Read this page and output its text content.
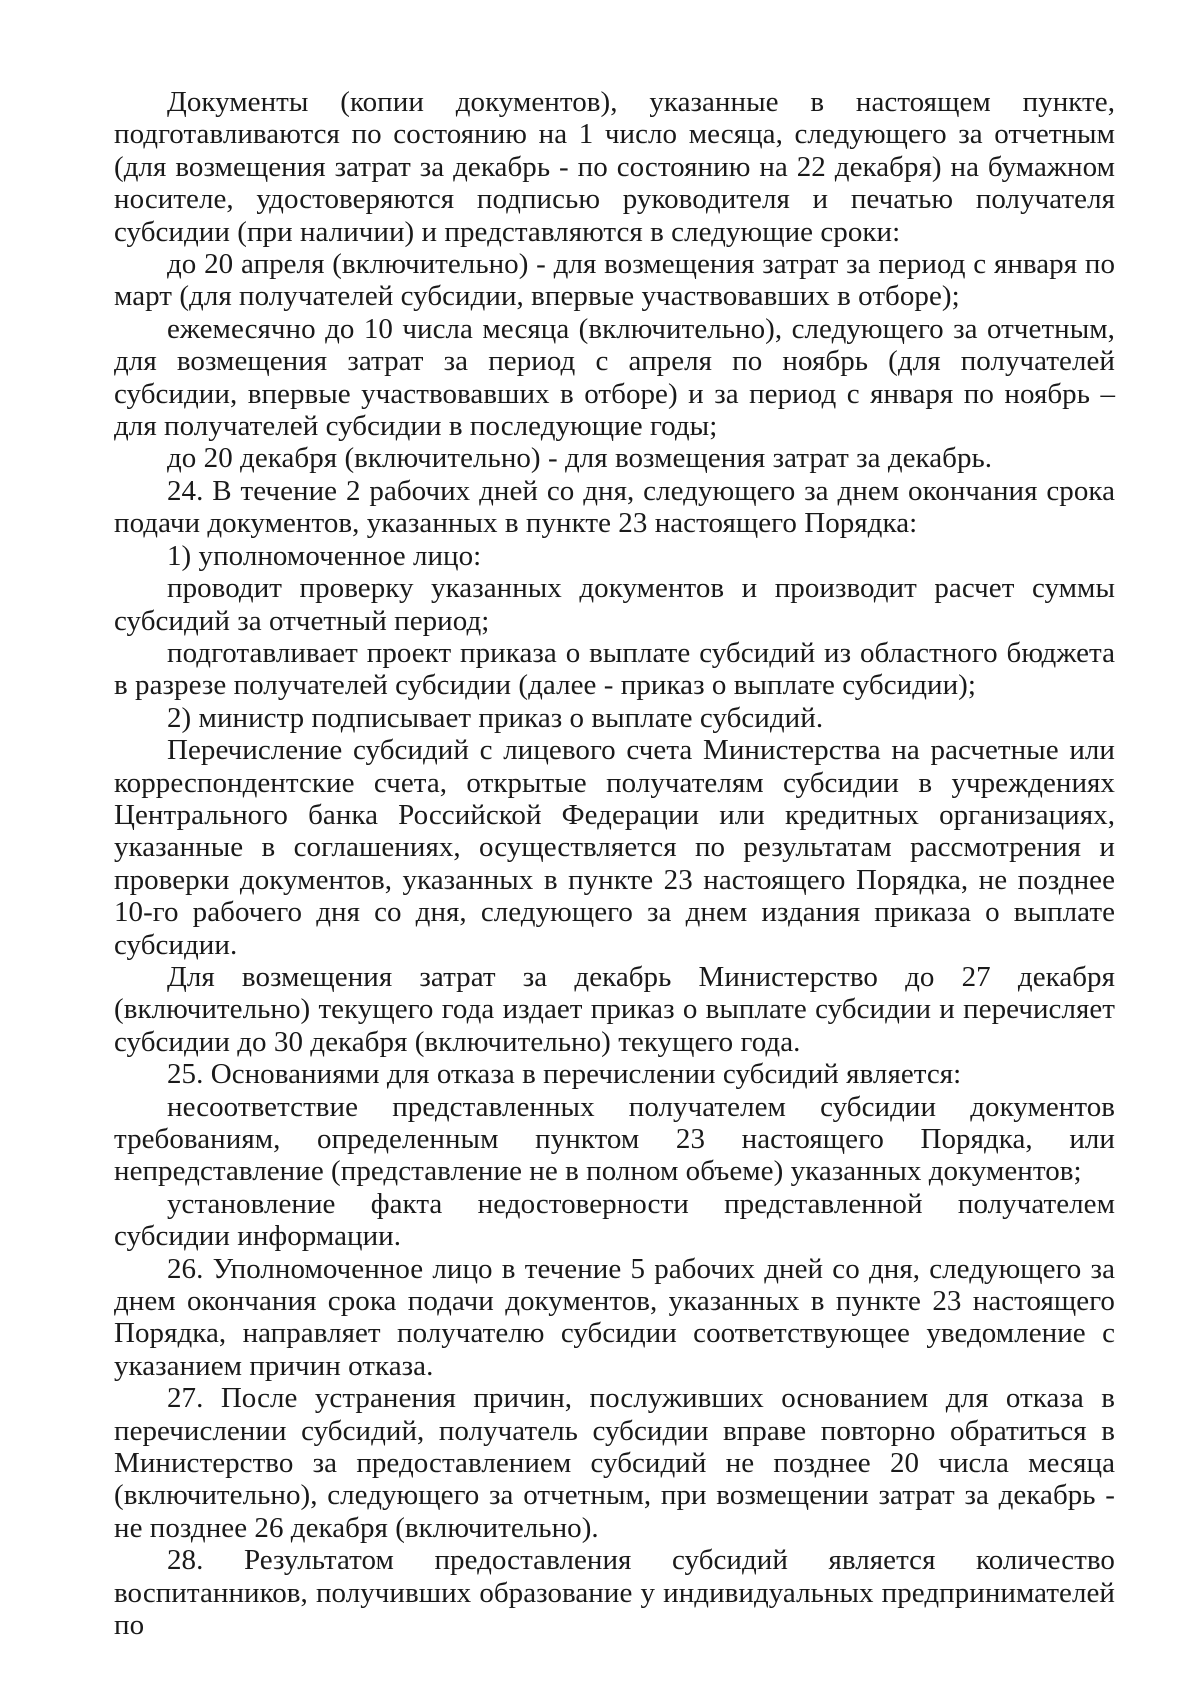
Документы (копии документов), указанные в настоящем пункте, подготавливаются по состоянию на 1 число месяца, следующего за отчетным (для возмещения затрат за декабрь - по состоянию на 22 декабря) на бумажном носителе, удостоверяются подписью руководителя и печатью получателя субсидии (при наличии) и представляются в следующие сроки:

до 20 апреля (включительно) - для возмещения затрат за период с января по март (для получателей субсидии, впервые участвовавших в отборе);

ежемесячно до 10 числа месяца (включительно), следующего за отчетным, для возмещения затрат за период с апреля по ноябрь (для получателей субсидии, впервые участвовавших в отборе) и за период с января по ноябрь – для получателей субсидии в последующие годы;

до 20 декабря (включительно) - для возмещения затрат за декабрь.

24. В течение 2 рабочих дней со дня, следующего за днем окончания срока подачи документов, указанных в пункте 23 настоящего Порядка:

1) уполномоченное лицо:

проводит проверку указанных документов и производит расчет суммы субсидий за отчетный период;

подготавливает проект приказа о выплате субсидий из областного бюджета в разрезе получателей субсидии (далее - приказ о выплате субсидии);

2) министр подписывает приказ о выплате субсидий.

Перечисление субсидий с лицевого счета Министерства на расчетные или корреспондентские счета, открытые получателям субсидии в учреждениях Центрального банка Российской Федерации или кредитных организациях, указанные в соглашениях, осуществляется по результатам рассмотрения и проверки документов, указанных в пункте 23 настоящего Порядка, не позднее 10-го рабочего дня со дня, следующего за днем издания приказа о выплате субсидии.

Для возмещения затрат за декабрь Министерство до 27 декабря (включительно) текущего года издает приказ о выплате субсидии и перечисляет субсидии до 30 декабря (включительно) текущего года.

25. Основаниями для отказа в перечислении субсидий является:

несоответствие представленных получателем субсидии документов требованиям, определенным пунктом 23 настоящего Порядка, или непредставление (представление не в полном объеме) указанных документов;

установление факта недостоверности представленной получателем субсидии информации.

26. Уполномоченное лицо в течение 5 рабочих дней со дня, следующего за днем окончания срока подачи документов, указанных в пункте 23 настоящего Порядка, направляет получателю субсидии соответствующее уведомление с указанием причин отказа.

27. После устранения причин, послуживших основанием для отказа в перечислении субсидий, получатель субсидии вправе повторно обратиться в Министерство за предоставлением субсидий не позднее 20 числа месяца (включительно), следующего за отчетным, при возмещении затрат за декабрь - не позднее 26 декабря (включительно).

28. Результатом предоставления субсидий является количество воспитанников, получивших образование у индивидуальных предпринимателей по
